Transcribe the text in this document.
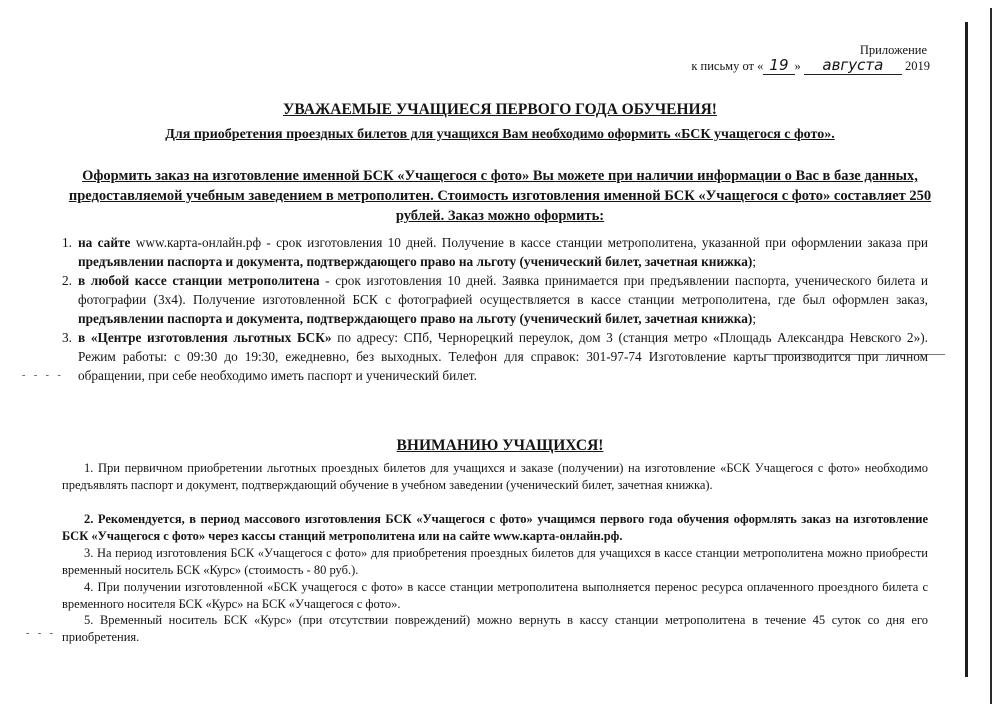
- - - -
- - -
Приложение
к письму от « 19 » августа 2019
УВАЖАЕМЫЕ УЧАЩИЕСЯ ПЕРВОГО ГОДА ОБУЧЕНИЯ!
Для приобретения проездных билетов для учащихся Вам необходимо оформить «БСК учащегося с фото».
Оформить заказ на изготовление именной БСК «Учащегося с фото» Вы можете при наличии информации о Вас в базе данных, предоставляемой учебным заведением в метрополитен. Стоимость изготовления именной БСК «Учащегося с фото» составляет 250 рублей. Заказ можно оформить:
1. на сайте www.карта-онлайн.рф - срок изготовления 10 дней. Получение в кассе станции метрополитена, указанной при оформлении заказа при предъявлении паспорта и документа, подтверждающего право на льготу (ученический билет, зачетная книжка);
2. в любой кассе станции метрополитена - срок изготовления 10 дней. Заявка принимается при предъявлении паспорта, ученического билета и фотографии (3х4). Получение изготовленной БСК с фотографией осуществляется в кассе станции метрополитена, где был оформлен заказ, предъявлении паспорта и документа, подтверждающего право на льготу (ученический билет, зачетная книжка);
3. в «Центре изготовления льготных БСК» по адресу: СПб, Чернорецкий переулок, дом 3 (станция метро «Площадь Александра Невского 2»). Режим работы: с 09:30 до 19:30, ежедневно, без выходных. Телефон для справок: 301-97-74 Изготовление карты производится при личном обращении, при себе необходимо иметь паспорт и ученический билет.
ВНИМАНИЮ УЧАЩИХСЯ!

1. При первичном приобретении льготных проездных билетов для учащихся и заказе (получении) на изготовление «БСК Учащегося с фото» необходимо предъявлять паспорт и документ, подтверждающий обучение в учебном заведении (ученический билет, зачетная книжка).

2. Рекомендуется, в период массового изготовления БСК «Учащегося с фото» учащимся первого года обучения оформлять заказ на изготовление БСК «Учащегося с фото» через кассы станций метрополитена или на сайте www.карта-онлайн.рф.

3. На период изготовления БСК «Учащегося с фото» для приобретения проездных билетов для учащихся в кассе станции метрополитена можно приобрести временный носитель БСК «Курс» (стоимость - 80 руб.).

4. При получении изготовленной «БСК учащегося с фото» в кассе станции метрополитена выполняется перенос ресурса оплаченного проездного билета с временного носителя БСК «Курс» на БСК «Учащегося с фото».

5. Временный носитель БСК «Курс» (при отсутствии повреждений) можно вернуть в кассу станции метрополитена в течение 45 суток со дня его приобретения.
